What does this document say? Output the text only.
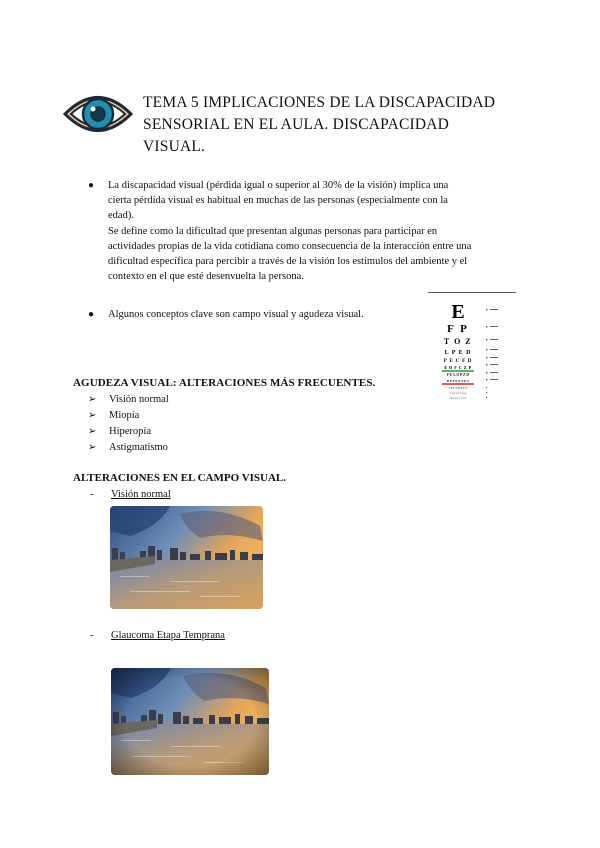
TEMA 5 IMPLICACIONES DE LA DISCAPACIDAD
SENSORIAL EN EL AULA. DISCAPACIDAD
VISUAL.
● La discapacidad visual (pérdida igual o superior al 30% de la visión) implica una

cierta pérdida visual es habitual en muchas de las personas (especialmente con la

edad).

Se define como la dificultad que presentan algunas personas para participar en

actividades propias de la vida cotidiana como consecuencia de la interacción entre una

dificultad específica para percibir a través de la visión los estímulos del ambiente y el

contexto en el que esté desenvuelta la persona.

● Algunos conceptos clave son campo visual y agudeza visual.	E
F P
T O Z
L P E D
P E C F D
E D F C Z P
F E L O P Z D
D E F P O T E C
L E F O D P C T
F D P L T C E O
P E Z O L C F T D
AGUDEZA VISUAL: ALTERACIONES MÁS FRECUENTES.
➢	Visión normal
➢	Miopía
➢	Hiperopía
➢	Astigmatismo
ALTERACIONES EN EL CAMPO VISUAL.
- Visión normal
- Glaucoma Etapa Temprana
